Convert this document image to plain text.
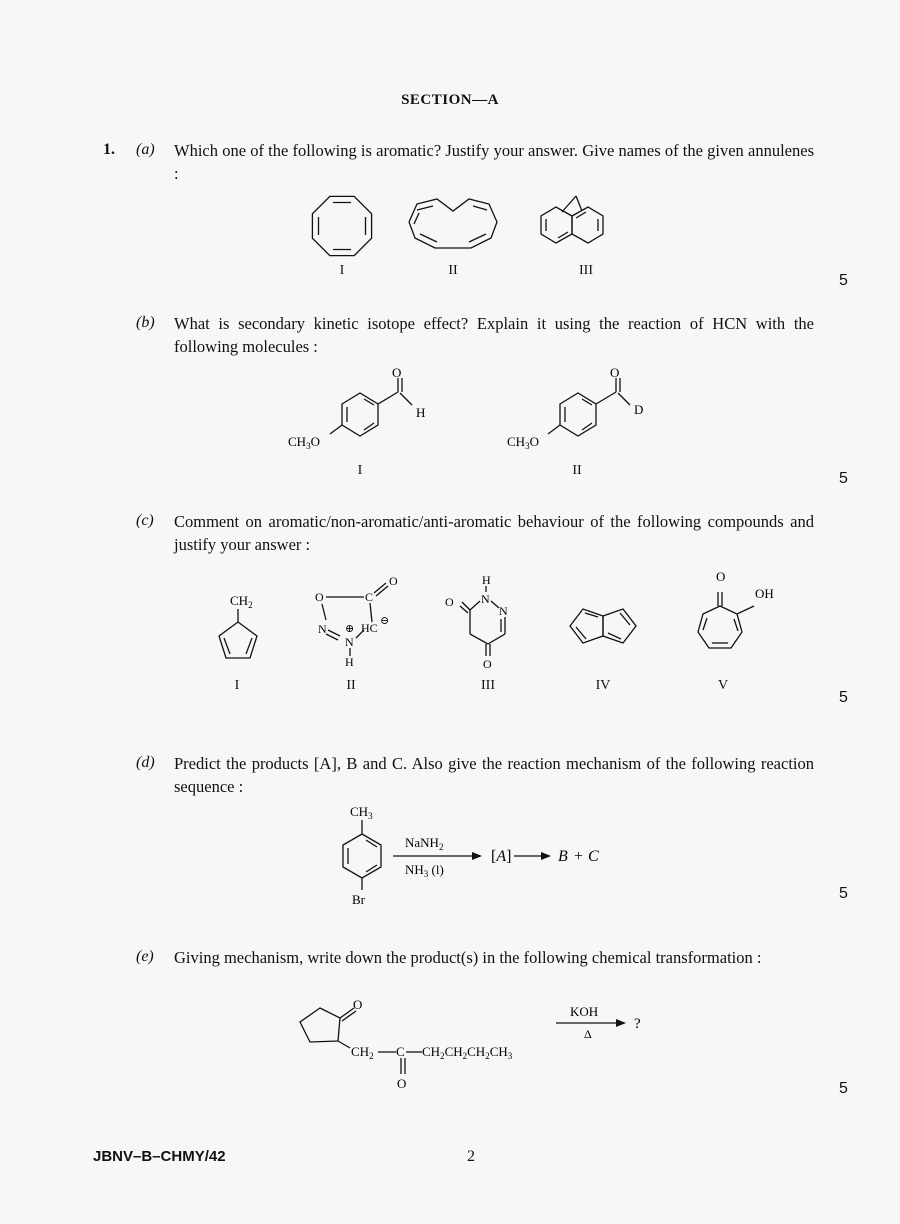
SECTION—A
1. (a) Which one of the following is aromatic? Justify your answer. Give names of the given annulenes :
I	II	III
5
(b) What is secondary kinetic isotope effect? Explain it using the reaction of HCN with the following molecules :
O
H
$CH_3O$
O
D
$CH_3O$
I	II	5
(c) Comment on aromatic/non-aromatic/anti-aromatic behaviour of the following compounds and justify your answer :
$CH_2$
O	C
O
N ⊕
N
H
HC ⊖
H
N
N
O
O
O
OH
I	II	III	IV	V
5
(d) Predict the products [A], B and C. Also give the reaction mechanism of the following reaction sequence :
$CH_3$
Br
NaNH$_2$
$NH_3$ (l)
[A]	B + C
5
(e) Giving mechanism, write down the product(s) in the following chemical transformation :
O
$CH_2$ C
O
$CH_2CH_2CH_2CH_3$
KOH
Δ
?
5
JBNV–B–CHMY/42	2
